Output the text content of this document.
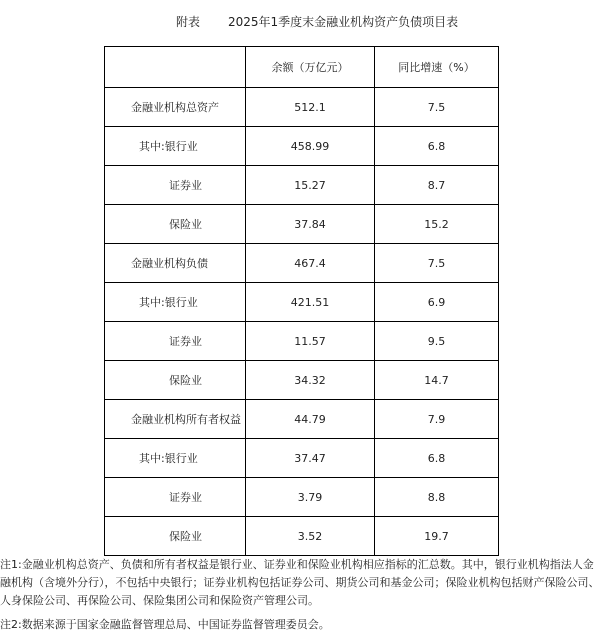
附表 2025年1季度末金融业机构资产负债项目表
	余额（万亿元）	同比增速（%）
金融业机构总资产	512.1	7.5
其中:银行业	458.99	6.8
证券业	15.27	8.7
保险业	37.84	15.2
金融业机构负债	467.4	7.5
其中:银行业	421.51	6.9
证券业	11.57	9.5
保险业	34.32	14.7
金融业机构所有者权益	44.79	7.9
其中:银行业	37.47	6.8
证券业	3.79	8.8
保险业	3.52	19.7

注1:金融业机构总资产、负债和所有者权益是银行业、证券业和保险业机构相应指标的汇总数。其中，银行业机构指法人金融机构（含境外分行），不包括中央银行；证券业机构包括证券公司、期货公司和基金公司；保险业机构包括财产保险公司、人身保险公司、再保险公司、保险集团公司和保险资产管理公司。

注2:数据来源于国家金融监督管理总局、中国证券监督管理委员会。
